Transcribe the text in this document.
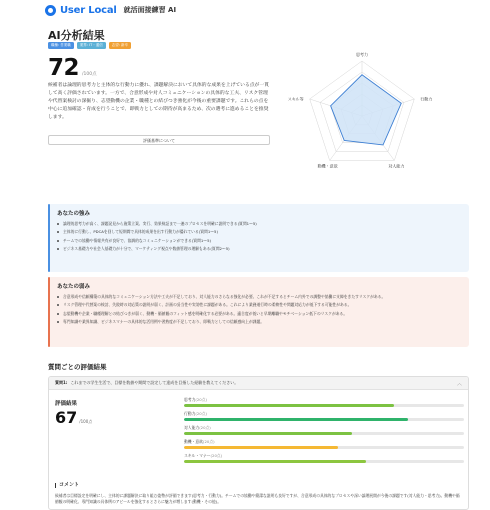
User Local 就活面接練習 AI
AI分析結果
職種: 営業職	業界: IT・通信	志望: 新卒
72 /100点

候補者は論理的思考力と主体的な行動力に優れ、課題解決において具体的な成果を上げている点が一貫して高く評価されています。一方で、合意形成や対人コミュニケーションの具体的な工夫、リスク管理や代替案検討の深掘り、志望動機の企業・職種との結びつき強化が今後の重要課題です。これらの点を中心に追加確認・育成を行うことで、即戦力としての期待が高まるため、次の選考に進めることを推奨します。

評価基準について
思考力
行動力
対人能力
動機・意欲
スキル等
あなたの強み
論理的思考力が高く、課題発見から施策立案、実行、効果検証まで一連のプロセスを明確に説明できる(質問1〜5)
主体的に行動し、PDCAを回して短期間で具体的成果を出す行動力が優れている(質問1〜5)
チームでの協働や情報共有が良好で、協調的なコミュニケーションができる(質問1〜5)
ビジネス基礎力や社会人基礎力が十分で、マーケティング視点や数値管理の理解もある(質問2〜5)
あなたの弱み
合意形成や信頼構築の具体的なコミュニケーション方法や工夫が不足しており、対人能力のさらなる強化が必要。これが不足するとチーム内外での調整や協働に支障をきたすリスクがある。
リスク管理や代替案の検討、失敗時の対応策の説明が弱く、計画の妥当性や実効性に課題がある。これにより業務遂行時の柔軟性や問題対応力が低下する可能性がある。
志望動機や企業・職種理解との結びつきが弱く、動機・価値観のフィット感を明確化する必要がある。適合度が低いと早期離職やモチベーション低下のリスクがある。
専門知識や業界知識、ビジネスマナーの具体的な活用例や習熟度が不足しており、即戦力としての信頼感向上が課題。
質問ごとの評価結果
質問1: これまでの学生生活で、目標を数値や期間で設定して達成を目指した経験を教えてください。	︿
評価結果
67 /100点
思考力(20点)
行動力(20点)
対人能力(20点)
動機・意欲(20点)
スキル・マナー(20点)
コメント

候補者は目標設定を明確にし、主体的に課題解決に取り組む姿勢が評価できます(思考力・行動力)。チームでの協働や簡潔な説明も良好ですが、合意形成の具体的なプロセスや深い論理展開が今後の課題です(対人能力・思考力)。動機や価値観の明確化、専門知識の具体例のアピールを強化するとさらに魅力が増します(動機・その他)。
